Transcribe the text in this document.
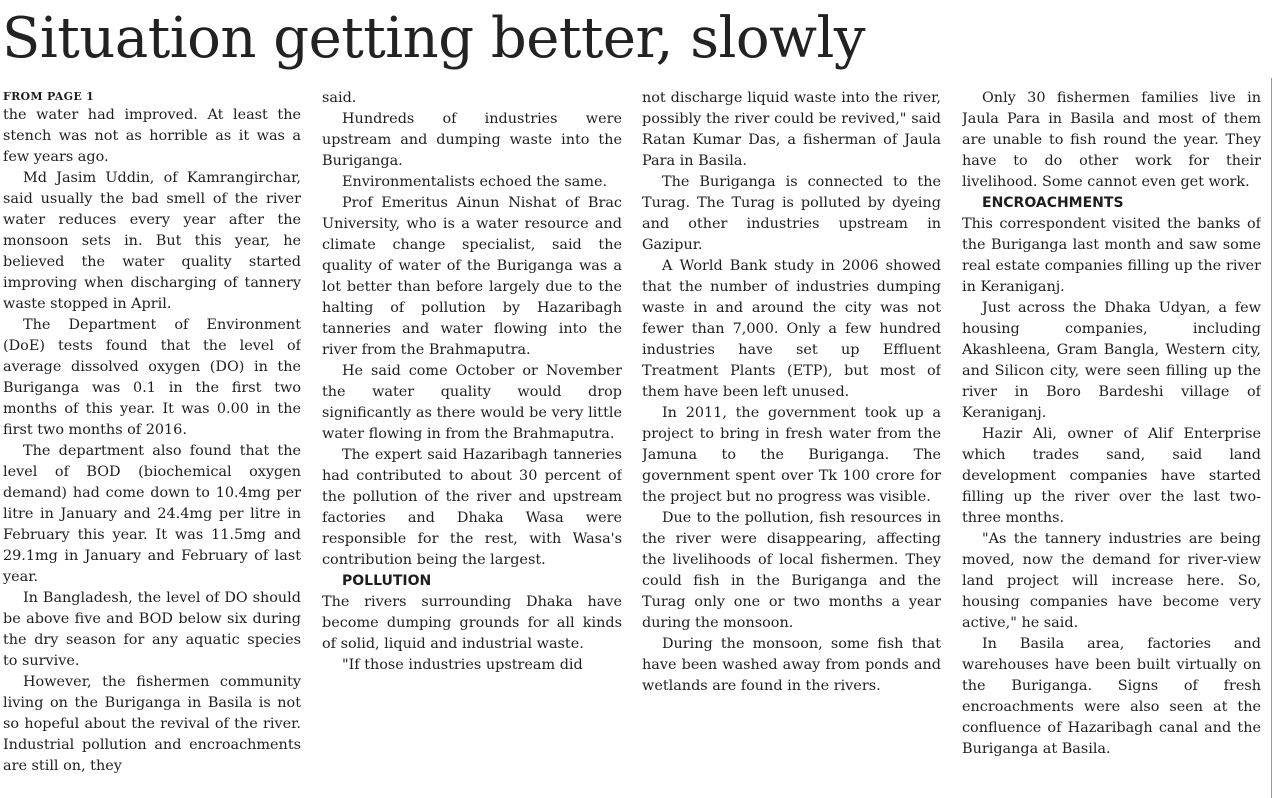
Situation getting better, slowly
FROM PAGE 1

the water had improved. At least the stench was not as horrible as it was a few years ago.

Md Jasim Uddin, of Kamrangirchar, said usually the bad smell of the river water reduces every year after the monsoon sets in. But this year, he believed the water quality started improving when discharging of tannery waste stopped in April.

The Department of Environment (DoE) tests found that the level of average dissolved oxygen (DO) in the Buriganga was 0.1 in the first two months of this year. It was 0.00 in the first two months of 2016.

The department also found that the level of BOD (biochemical oxygen demand) had come down to 10.4mg per litre in January and 24.4mg per litre in February this year. It was 11.5mg and 29.1mg in January and February of last year.

In Bangladesh, the level of DO should be above five and BOD below six during the dry season for any aquatic species to survive.

However, the fishermen community living on the Buriganga in Basila is not so hopeful about the revival of the river. Industrial pollution and encroachments are still on, they

said.

Hundreds of industries were upstream and dumping waste into the Buriganga.

Environmentalists echoed the same.

Prof Emeritus Ainun Nishat of Brac University, who is a water resource and climate change specialist, said the quality of water of the Buriganga was a lot better than before largely due to the halting of pollution by Hazaribagh tanneries and water flowing into the river from the Brahmaputra.

He said come October or November the water quality would drop significantly as there would be very little water flowing in from the Brahmaputra.

The expert said Hazaribagh tanneries had contributed to about 30 percent of the pollution of the river and upstream factories and Dhaka Wasa were responsible for the rest, with Wasa's contribution being the largest.

POLLUTION

The rivers surrounding Dhaka have become dumping grounds for all kinds of solid, liquid and industrial waste.

"If those industries upstream did

not discharge liquid waste into the river, possibly the river could be revived," said Ratan Kumar Das, a fisherman of Jaula Para in Basila.

The Buriganga is connected to the Turag. The Turag is polluted by dyeing and other industries upstream in Gazipur.

A World Bank study in 2006 showed that the number of industries dumping waste in and around the city was not fewer than 7,000. Only a few hundred industries have set up Effluent Treatment Plants (ETP), but most of them have been left unused.

In 2011, the government took up a project to bring in fresh water from the Jamuna to the Buriganga. The government spent over Tk 100 crore for the project but no progress was visible.

Due to the pollution, fish resources in the river were disappearing, affecting the livelihoods of local fishermen. They could fish in the Buriganga and the Turag only one or two months a year during the monsoon.

During the monsoon, some fish that have been washed away from ponds and wetlands are found in the rivers.

Only 30 fishermen families live in Jaula Para in Basila and most of them are unable to fish round the year. They have to do other work for their livelihood. Some cannot even get work.

ENCROACHMENTS

This correspondent visited the banks of the Buriganga last month and saw some real estate companies filling up the river in Keraniganj.

Just across the Dhaka Udyan, a few housing companies, including Akashleena, Gram Bangla, Western city, and Silicon city, were seen filling up the river in Boro Bardeshi village of Keraniganj.

Hazir Ali, owner of Alif Enterprise which trades sand, said land development companies have started filling up the river over the last two-three months.

"As the tannery industries are being moved, now the demand for river-view land project will increase here. So, housing companies have become very active," he said.

In Basila area, factories and warehouses have been built virtually on the Buriganga. Signs of fresh encroachments were also seen at the confluence of Hazaribagh canal and the Buriganga at Basila.
